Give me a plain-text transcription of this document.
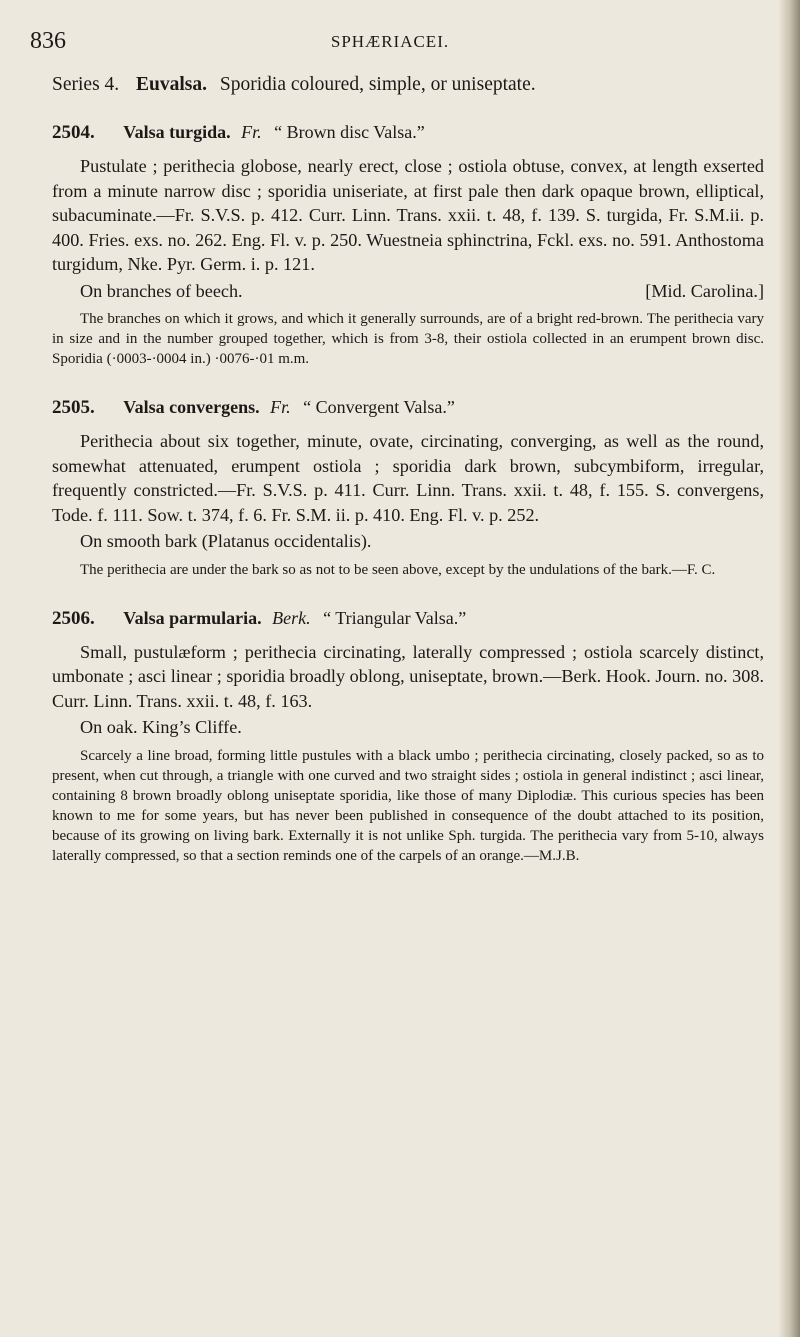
836	SPHÆRIACEI.
Series 4. Euvalsa. Sporidia coloured, simple, or uniseptate.
2504. Valsa turgida. Fr. “ Brown disc Valsa.”

Pustulate ; perithecia globose, nearly erect, close ; ostiola obtuse, convex, at length exserted from a minute narrow disc ; sporidia uniseriate, at first pale then dark opaque brown, elliptical, subacuminate.—Fr. S.V.S. p. 412. Curr. Linn. Trans. xxii. t. 48, f. 139. S. turgida, Fr. S.M.ii. p. 400. Fries. exs. no. 262. Eng. Fl. v. p. 250. Wuestneia sphinctrina, Fckl. exs. no. 591. Anthostoma turgidum, Nke. Pyr. Germ. i. p. 121.

On branches of beech.	[Mid. Carolina.]

The branches on which it grows, and which it generally surrounds, are of a bright red-brown. The perithecia vary in size and in the number grouped together, which is from 3-8, their ostiola collected in an erumpent brown disc. Sporidia (·0003-·0004 in.) ·0076-·01 m.m.

2505. Valsa convergens. Fr. “ Convergent Valsa.”

Perithecia about six together, minute, ovate, circinating, converging, as well as the round, somewhat attenuated, erumpent ostiola ; sporidia dark brown, subcymbiform, irregular, frequently constricted.—Fr. S.V.S. p. 411. Curr. Linn. Trans. xxii. t. 48, f. 155. S. convergens, Tode. f. 111. Sow. t. 374, f. 6. Fr. S.M. ii. p. 410. Eng. Fl. v. p. 252.

On smooth bark (Platanus occidentalis).

The perithecia are under the bark so as not to be seen above, except by the undulations of the bark.—F. C.

2506. Valsa parmularia. Berk. “ Triangular Valsa.”

Small, pustulæform ; perithecia circinating, laterally compressed ; ostiola scarcely distinct, umbonate ; asci linear ; sporidia broadly oblong, uniseptate, brown.—Berk. Hook. Journ. no. 308. Curr. Linn. Trans. xxii. t. 48, f. 163.

On oak. King’s Cliffe.

Scarcely a line broad, forming little pustules with a black umbo ; perithecia circinating, closely packed, so as to present, when cut through, a triangle with one curved and two straight sides ; ostiola in general indistinct ; asci linear, containing 8 brown broadly oblong uniseptate sporidia, like those of many Diplodiæ. This curious species has been known to me for some years, but has never been published in consequence of the doubt attached to its position, because of its growing on living bark. Externally it is not unlike Sph. turgida. The perithecia vary from 5-10, always laterally compressed, so that a section reminds one of the carpels of an orange.—M.J.B.
